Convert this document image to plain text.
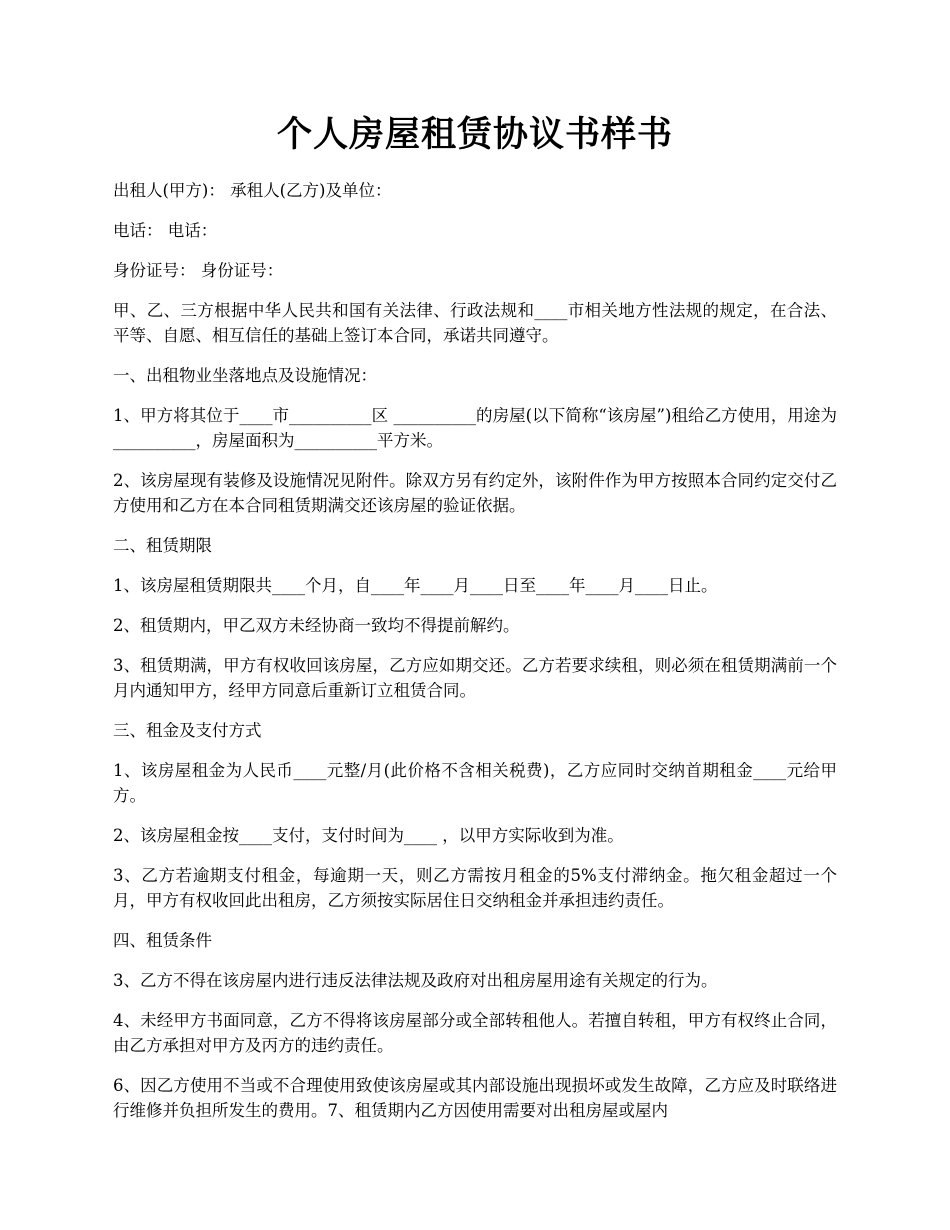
个人房屋租赁协议书样书

出租人(甲方)： 承租人(乙方)及单位：

电话： 电话：

身份证号： 身份证号：

甲、乙、三方根据中华人民共和国有关法律、行政法规和____市相关地方性法规的规定，在合法、平等、自愿、相互信任的基础上签订本合同，承诺共同遵守。

一、出租物业坐落地点及设施情况：

1、甲方将其位于____市__________区 __________的房屋(以下简称“该房屋”)租给乙方使用，用途为__________，房屋面积为__________平方米。

2、该房屋现有装修及设施情况见附件。除双方另有约定外，该附件作为甲方按照本合同约定交付乙方使用和乙方在本合同租赁期满交还该房屋的验证依据。

二、租赁期限

1、该房屋租赁期限共____个月，自____年____月____日至____年____月____日止。

2、租赁期内，甲乙双方未经协商一致均不得提前解约。

3、租赁期满，甲方有权收回该房屋，乙方应如期交还。乙方若要求续租，则必须在租赁期满前一个月内通知甲方，经甲方同意后重新订立租赁合同。

三、租金及支付方式

1、该房屋租金为人民币____元整/月(此价格不含相关税费)，乙方应同时交纳首期租金____元给甲方。

2、该房屋租金按____支付，支付时间为____ ，以甲方实际收到为准。

3、乙方若逾期支付租金，每逾期一天，则乙方需按月租金的5%支付滞纳金。拖欠租金超过一个月，甲方有权收回此出租房，乙方须按实际居住日交纳租金并承担违约责任。

四、租赁条件

3、乙方不得在该房屋内进行违反法律法规及政府对出租房屋用途有关规定的行为。

4、未经甲方书面同意，乙方不得将该房屋部分或全部转租他人。若擅自转租，甲方有权终止合同，由乙方承担对甲方及丙方的违约责任。

6、因乙方使用不当或不合理使用致使该房屋或其内部设施出现损坏或发生故障，乙方应及时联络进行维修并负担所发生的费用。7、租赁期内乙方因使用需要对出租房屋或屋内
